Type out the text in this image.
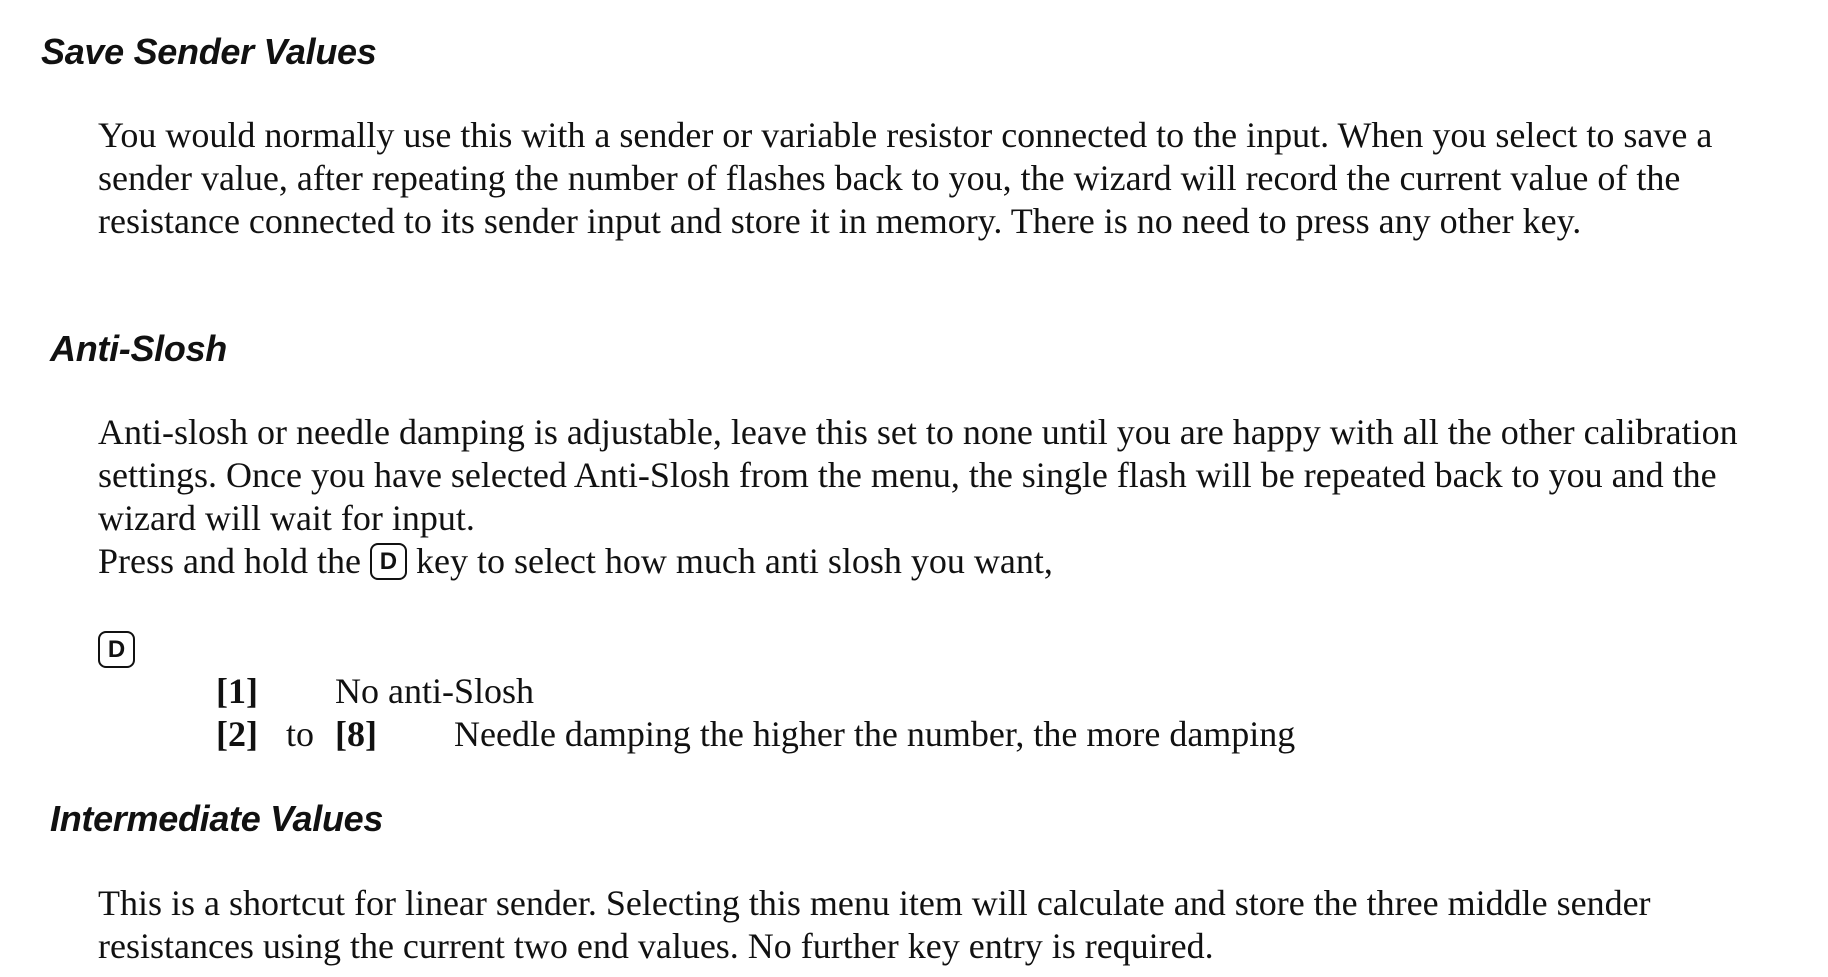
Save Sender Values

You would normally use this with a sender or variable resistor connected to the input. When you select to save a
sender value, after repeating the number of flashes back to you, the wizard will record the current value of the
resistance connected to its sender input and store it in memory. There is no need to press any other key.

Anti-Slosh

Anti-slosh or needle damping is adjustable, leave this set to none until you are happy with all the other calibration
settings. Once you have selected Anti-Slosh from the menu, the single flash will be repeated back to you and the
wizard will wait for input.

Press and hold the D key to select how much anti slosh you want,

D
[1] No anti-Slosh
[2] to [8] Needle damping the higher the number, the more damping
Intermediate Values

This is a shortcut for linear sender. Selecting this menu item will calculate and store the three middle sender
resistances using the current two end values. No further key entry is required.
